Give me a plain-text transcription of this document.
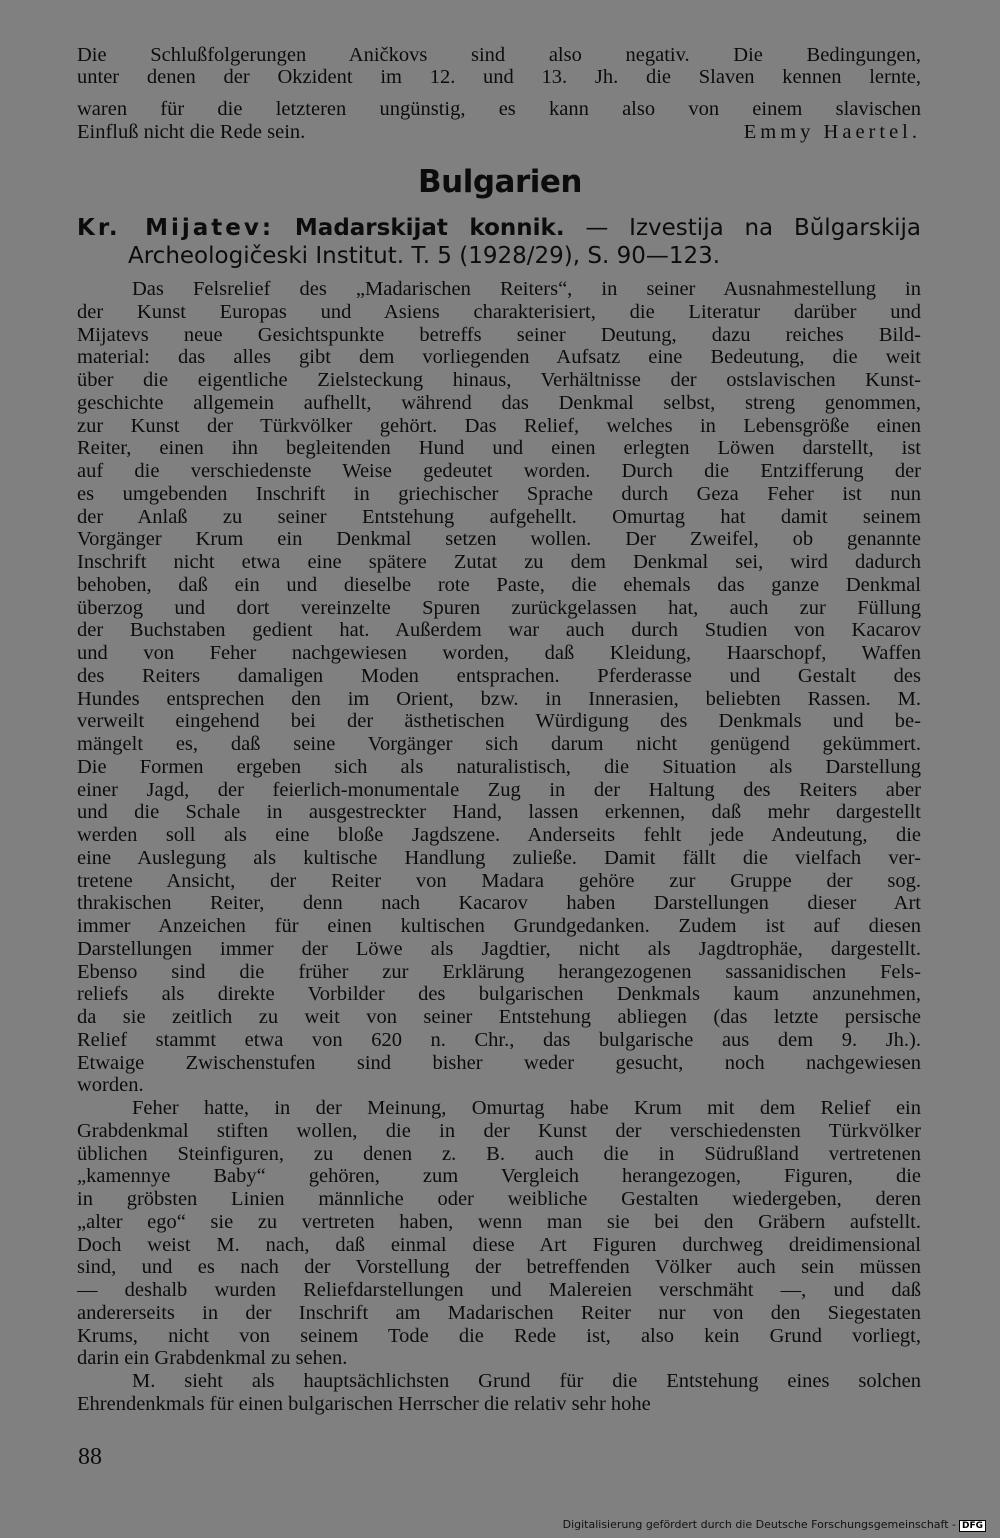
Die Schlußfolgerungen Aničkovs sind also negativ. Die Bedingungen,
unter denen der Okzident im 12. und 13. Jh. die Slaven kennen lernte,
waren für die letzteren ungünstig, es kann also von einem slavischen
Einfluß nicht die Rede sein.	Emmy Haertel.
Bulgarien
Kr. Mijatev: Madarskijat konnik. — Izvestija na Bŭlgarskija
Archeologičeski Institut. T. 5 (1928/29), S. 90—123.
Das Felsrelief des „Madarischen Reiters“, in seiner Ausnahmestellung in
der Kunst Europas und Asiens charakterisiert, die Literatur darüber und
Mijatevs neue Gesichtspunkte betreffs seiner Deutung, dazu reiches Bild-
material: das alles gibt dem vorliegenden Aufsatz eine Bedeutung, die weit
über die eigentliche Zielsteckung hinaus, Verhältnisse der ostslavischen Kunst-
geschichte allgemein aufhellt, während das Denkmal selbst, streng genommen,
zur Kunst der Türkvölker gehört. Das Relief, welches in Lebensgröße einen
Reiter, einen ihn begleitenden Hund und einen erlegten Löwen darstellt, ist
auf die verschiedenste Weise gedeutet worden. Durch die Entzifferung der
es umgebenden Inschrift in griechischer Sprache durch Geza Feher ist nun
der Anlaß zu seiner Entstehung aufgehellt. Omurtag hat damit seinem
Vorgänger Krum ein Denkmal setzen wollen. Der Zweifel, ob genannte
Inschrift nicht etwa eine spätere Zutat zu dem Denkmal sei, wird dadurch
behoben, daß ein und dieselbe rote Paste, die ehemals das ganze Denkmal
überzog und dort vereinzelte Spuren zurückgelassen hat, auch zur Füllung
der Buchstaben gedient hat. Außerdem war auch durch Studien von Kacarov
und von Feher nachgewiesen worden, daß Kleidung, Haarschopf, Waffen
des Reiters damaligen Moden entsprachen. Pferderasse und Gestalt des
Hundes entsprechen den im Orient, bzw. in Innerasien, beliebten Rassen. M.
verweilt eingehend bei der ästhetischen Würdigung des Denkmals und be-
mängelt es, daß seine Vorgänger sich darum nicht genügend gekümmert.
Die Formen ergeben sich als naturalistisch, die Situation als Darstellung
einer Jagd, der feierlich-monumentale Zug in der Haltung des Reiters aber
und die Schale in ausgestreckter Hand, lassen erkennen, daß mehr dargestellt
werden soll als eine bloße Jagdszene. Anderseits fehlt jede Andeutung, die
eine Auslegung als kultische Handlung zuließe. Damit fällt die vielfach ver-
tretene Ansicht, der Reiter von Madara gehöre zur Gruppe der sog.
thrakischen Reiter, denn nach Kacarov haben Darstellungen dieser Art
immer Anzeichen für einen kultischen Grundgedanken. Zudem ist auf diesen
Darstellungen immer der Löwe als Jagdtier, nicht als Jagdtrophäe, dargestellt.
Ebenso sind die früher zur Erklärung herangezogenen sassanidischen Fels-
reliefs als direkte Vorbilder des bulgarischen Denkmals kaum anzunehmen,
da sie zeitlich zu weit von seiner Entstehung abliegen (das letzte persische
Relief stammt etwa von 620 n. Chr., das bulgarische aus dem 9. Jh.).
Etwaige Zwischenstufen sind bisher weder gesucht, noch nachgewiesen
worden.
Feher hatte, in der Meinung, Omurtag habe Krum mit dem Relief ein
Grabdenkmal stiften wollen, die in der Kunst der verschiedensten Türkvölker
üblichen Steinfiguren, zu denen z. B. auch die in Südrußland vertretenen
„kamennye Baby“ gehören, zum Vergleich herangezogen, Figuren, die
in gröbsten Linien männliche oder weibliche Gestalten wiedergeben, deren
„alter ego“ sie zu vertreten haben, wenn man sie bei den Gräbern aufstellt.
Doch weist M. nach, daß einmal diese Art Figuren durchweg dreidimensional
sind, und es nach der Vorstellung der betreffenden Völker auch sein müssen
— deshalb wurden Reliefdarstellungen und Malereien verschmäht —, und daß
andererseits in der Inschrift am Madarischen Reiter nur von den Siegestaten
Krums, nicht von seinem Tode die Rede ist, also kein Grund vorliegt,
darin ein Grabdenkmal zu sehen.
M. sieht als hauptsächlichsten Grund für die Entstehung eines solchen
Ehrendenkmals für einen bulgarischen Herrscher die relativ sehr hohe
88
Digitalisierung gefördert durch die Deutsche Forschungsgemeinschaft - DFG
